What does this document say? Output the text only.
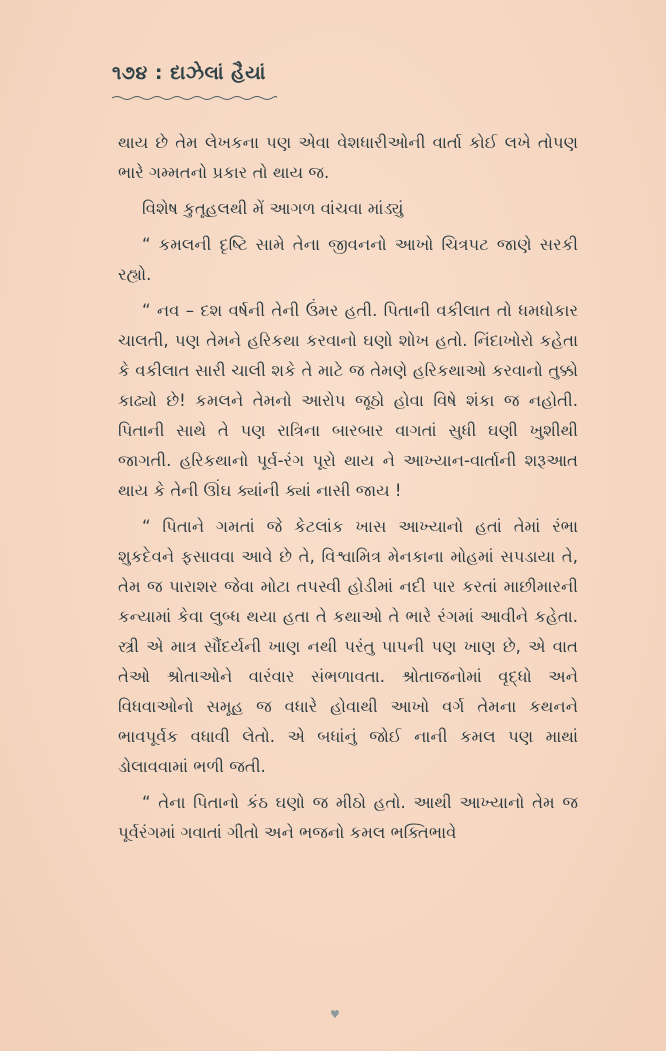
૧૭૪ : દાઝેલાં હૈયાં

થાય છે તેમ લેખકના પણ એવા વેશધારીઓની વાર્તા કોઈ લખે તોપણ ભારે ગમ્મતનો પ્રકાર તો થાય જ.

વિશેષ કુતૂહલથી મેં આગળ વાંચવા માંડ્યું

“ કમલની દૃષ્ટિ સામે તેના જીવનનો આખો ચિત્રપટ જાણે સરકી રહ્યો.

“ નવ – દશ વર્ષની તેની ઉંમર હતી. પિતાની વકીલાત તો ધમધોકાર ચાલતી, પણ તેમને હરિકથા કરવાનો ઘણો શોખ હતો. નિંદાખોરો કહેતા કે વકીલાત સારી ચાલી શકે તે માટે જ તેમણે હરિકથાઓ કરવાનો તુક્કો કાઢ્યો છે! કમલને તેમનો આરોપ જૂઠો હોવા વિષે શંકા જ નહોતી. પિતાની સાથે તે પણ રાત્રિના બારબાર વાગતાં સુધી ઘણી ખુશીથી જાગતી. હરિકથાનો પૂર્વ-રંગ પૂરો થાય ને આખ્યાન-વાર્તાની શરૂઆત થાય કે તેની ઊંઘ ક્યાંની ક્યાં નાસી જાય !

“ પિતાને ગમતાં જે કેટલાંક ખાસ આખ્યાનો હતાં તેમાં રંભા શુકદેવને ફસાવવા આવે છે તે, વિશ્વામિત્ર મેનકાના મોહમાં સપડાયા તે, તેમ જ પારાશર જેવા મોટા તપસ્વી હોડીમાં નદી પાર કરતાં માછીમારની કન્યામાં કેવા લુબ્ધ થયા હતા તે કથાઓ તે ભારે રંગમાં આવીને કહેતા. સ્ત્રી એ માત્ર સૌંદર્યની ખાણ નથી પરંતુ પાપની પણ ખાણ છે, એ વાત તેઓ શ્રોતાઓને વારંવાર સંભળાવતા. શ્રોતાજનોમાં વૃદ્ધો અને વિધવાઓનો સમૂહ જ વધારે હોવાથી આખો વર્ગ તેમના કથનને ભાવપૂર્વક વધાવી લેતો. એ બધાંનું જોઈ નાની કમલ પણ માથાં ડોલાવવામાં ભળી જતી.

“ તેના પિતાનો કંઠ ઘણો જ મીઠો હતો. આથી આખ્યાનો તેમ જ પૂર્વરંગમાં ગવાતાં ગીતો અને ભજનો કમલ ભક્તિભાવે

♥
